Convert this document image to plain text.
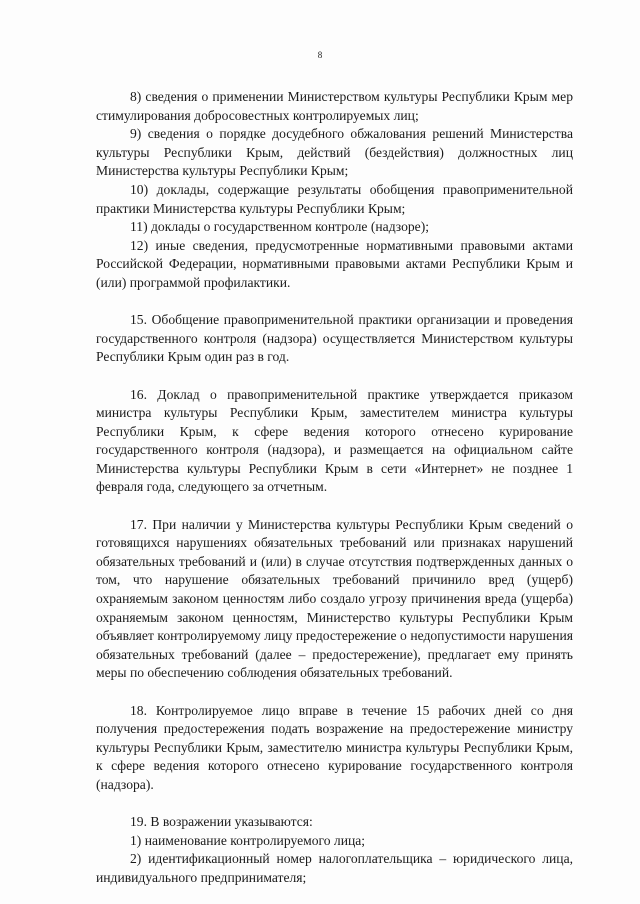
8

8) сведения о применении Министерством культуры Республики Крым мер стимулирования добросовестных контролируемых лиц;

9) сведения о порядке досудебного обжалования решений Министерства культуры Республики Крым, действий (бездействия) должностных лиц Министерства культуры Республики Крым;

10) доклады, содержащие результаты обобщения правоприменительной практики Министерства культуры Республики Крым;

11) доклады о государственном контроле (надзоре);

12) иные сведения, предусмотренные нормативными правовыми актами Российской Федерации, нормативными правовыми актами Республики Крым и (или) программой профилактики.

15. Обобщение правоприменительной практики организации и проведения государственного контроля (надзора) осуществляется Министерством культуры Республики Крым один раз в год.

16. Доклад о правоприменительной практике утверждается приказом министра культуры Республики Крым, заместителем министра культуры Республики Крым, к сфере ведения которого отнесено курирование государственного контроля (надзора), и размещается на официальном сайте Министерства культуры Республики Крым в сети «Интернет» не позднее 1 февраля года, следующего за отчетным.

17. При наличии у Министерства культуры Республики Крым сведений о готовящихся нарушениях обязательных требований или признаках нарушений обязательных требований и (или) в случае отсутствия подтвержденных данных о том, что нарушение обязательных требований причинило вред (ущерб) охраняемым законом ценностям либо создало угрозу причинения вреда (ущерба) охраняемым законом ценностям, Министерство культуры Республики Крым объявляет контролируемому лицу предостережение о недопустимости нарушения обязательных требований (далее – предостережение), предлагает ему принять меры по обеспечению соблюдения обязательных требований.

18. Контролируемое лицо вправе в течение 15 рабочих дней со дня получения предостережения подать возражение на предостережение министру культуры Республики Крым, заместителю министра культуры Республики Крым, к сфере ведения которого отнесено курирование государственного контроля (надзора).

19. В возражении указываются:

1) наименование контролируемого лица;

2) идентификационный номер налогоплательщика – юридического лица, индивидуального предпринимателя;
